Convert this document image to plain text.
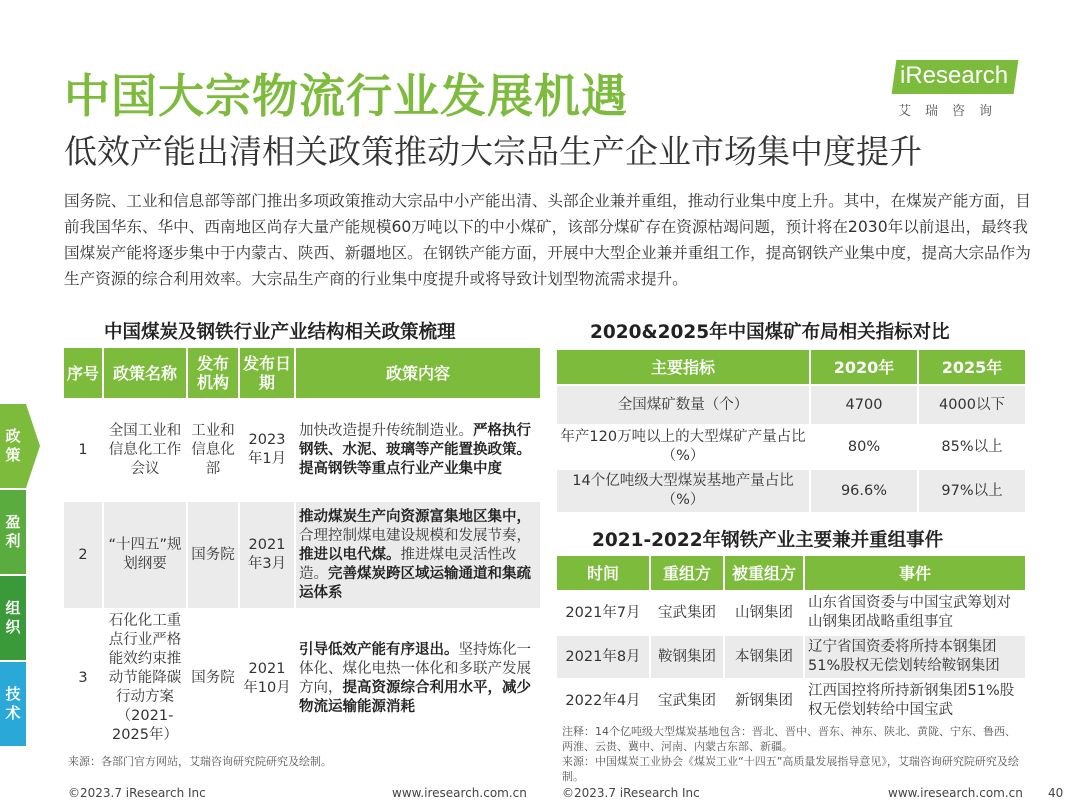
中国大宗物流行业发展机遇
低效产能出清相关政策推动大宗品生产企业市场集中度提升
iResearch
艾瑞咨询
国务院、工业和信息部等部门推出多项政策推动大宗品中小产能出清、头部企业兼并重组，推动行业集中度上升。其中，在煤炭产能方面，目前我国华东、华中、西南地区尚存大量产能规模60万吨以下的中小煤矿，该部分煤矿存在资源枯竭问题，预计将在2030年以前退出，最终我国煤炭产能将逐步集中于内蒙古、陕西、新疆地区。在钢铁产能方面，开展中大型企业兼并重组工作，提高钢铁产业集中度，提高大宗品作为生产资源的综合利用效率。大宗品生产商的行业集中度提升或将导致计划型物流需求提升。
政策
盈利
组织
技术
中国煤炭及钢铁行业产业结构相关政策梳理
序号	政策名称	发布机构	发布日期	政策内容
1	全国工业和信息化工作会议	工业和信息化部	2023年1月	加快改造提升传统制造业。严格执行钢铁、水泥、玻璃等产能置换政策。提高钢铁等重点行业产业集中度
2	“十四五”规划纲要	国务院	2021年3月	推动煤炭生产向资源富集地区集中，合理控制煤电建设规模和发展节奏，推进以电代煤。推进煤电灵活性改造。完善煤炭跨区域运输通道和集疏运体系
3	石化化工重点行业严格能效约束推动节能降碳行动方案（2021-2025年）	国务院	2021年10月	引导低效产能有序退出。坚持炼化一体化、煤化电热一体化和多联产发展方向，提高资源综合利用水平，减少物流运输能源消耗
来源：各部门官方网站，艾瑞咨询研究院研究及绘制。
2020&2025年中国煤矿布局相关指标对比
主要指标	2020年	2025年
全国煤矿数量（个）	4700	4000以下
年产120万吨以上的大型煤矿产量占比（%）	80%	85%以上
14个亿吨级大型煤炭基地产量占比（%）	96.6%	97%以上
2021-2022年钢铁产业主要兼并重组事件
时间	重组方	被重组方	事件
2021年7月	宝武集团	山钢集团	山东省国资委与中国宝武筹划对山钢集团战略重组事宜
2021年8月	鞍钢集团	本钢集团	辽宁省国资委将所持本钢集团51%股权无偿划转给鞍钢集团
2022年4月	宝武集团	新钢集团	江西国控将所持新钢集团51%股权无偿划转给中国宝武
注释：14个亿吨级大型煤炭基地包含：晋北、晋中、晋东、神东、陕北、黄陇、宁东、鲁西、两淮、云贵、冀中、河南、内蒙古东部、新疆。
来源：中国煤炭工业协会《煤炭工业“十四五”高质量发展指导意见》，艾瑞咨询研究院研究及绘制。
©2023.7 iResearch Inc	www.iresearch.com.cn	©2023.7 iResearch Inc	www.iresearch.com.cn 40
